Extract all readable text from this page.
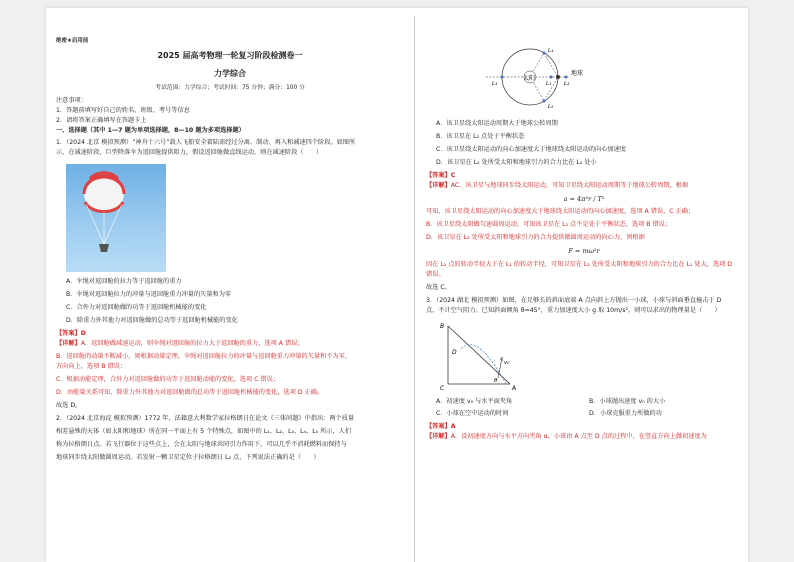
绝密★启用前
2025 届高考物理一轮复习阶段检测卷一
力学综合
考试范围：力学综合；考试时间：75 分钟；满分：100 分
注意事项：
1．答题前填写好自己的姓名、班级、考号等信息
2．请将答案正确填写在答题卡上
一、选择题（其中 1—7 题为单项选择题，8—10 题为多项选择题）
1．（2024 北京 模拟预测）“神舟十六号”载人飞船安全着陆需经过分离、制动、再入和减速四个阶段。如图所
示，在减速阶段，巨型降落伞为返回舱提供阻力，假设返回舱做直线运动，则在减速阶段（　　）
A．伞绳对返回舱的拉力等于返回舱的重力
B．伞绳对返回舱拉力的冲量与返回舱重力冲量的矢量和为零
C．合外力对返回舱做的功等于返回舱机械能的变化
D．除重力外其他力对返回舱做的总功等于返回舱机械能的变化
【答案】D
【详解】A．返回舱做减速运动，则伞绳对返回舱的拉力大于返回舱的重力，选项 A 错误；
B．返回舱的动量不断减小，则根据动量定理，伞绳对返回舱拉力的冲量与返回舱重力冲量的矢量和不为零，
方向向上，选项 B 错误；
C．根据动能定理，合外力对返回舱做的功等于返回舱动能的变化，选项 C 错误；
D．由能量关系可知，除重力外其他力对返回舱做的总功等于返回舱机械能的变化，选项 D 正确。
故选 D。
2．（2024 北京海淀 模拟预测）1772 年，法籍意大利数学家拉格朗日在论文《三体问题》中指出：两个质量
相差悬殊的天体（如太阳和地球）所在同一平面上有 5 个特殊点，如图中的 L₁、L₂、L₃、L₄、L₅ 所示，人们
称为拉格朗日点。若飞行器位于这些点上，会在太阳与地球共同引力作用下，可以几乎不消耗燃料而保持与
地球同步绕太阳做圆周运动。若发射一颗卫星定位于拉格朗日 L₂ 点，下列说法正确的是（　　）
太阳
地球
L₄
L₅
L₃	L₁ L₂
A．该卫星绕太阳运动周期大于地球公转周期
B．该卫星在 L₂ 点处于平衡状态
C．该卫星绕太阳运动的向心加速度大于地球绕太阳运动的向心加速度
D．该卫星在 L₂ 处所受太阳和地球引力的合力比在 L₁ 处小
【答案】C
【详解】AC．该卫星与地球同步绕太阳运动，可知卫星绕太阳运动周期等于地球公转周期，根据
a = 4π²r / T²
可知，该卫星绕太阳运动的向心加速度大于地球绕太阳运动的向心加速度，选项 A 错误，C 正确；
B．该卫星绕太阳做匀速圆周运动，可知该卫星在 L₂ 点不是处于平衡状态，选项 B 错误；
D．该卫星在 L₂ 处所受太阳和地球引力的合力提供做圆周运动的向心力，则根据
F = mω²r
因在 L₂ 点的转动半径大于在 L₁ 的转动半径，可知卫星在 L₂ 处所受太阳和地球引力的合力比在 L₁ 处大，选项 D
错误。
故选 C。
3．（2024 湖北 模拟预测）如图，在足够长的斜面底端 A 点向斜上方抛出一小球，小球与斜面垂直撞击于 D
点，不计空气阻力。已知斜面倾角 θ=45°，重力加速度大小 g 取 10m/s²，则可以求出的物理量是（　　）
B
C
D
A
v₀
θ
A．初速度 v₀ 与水平面夹角	B．小球抛出速度 v₀ 的大小
C．小球在空中运动的时间	D．小球克服重力所做的功
【答案】A
【详解】A．设初速度方向与水平方向夹角 α，小球由 A 点至 D 点的过程中，在竖直方向上做初速度为
